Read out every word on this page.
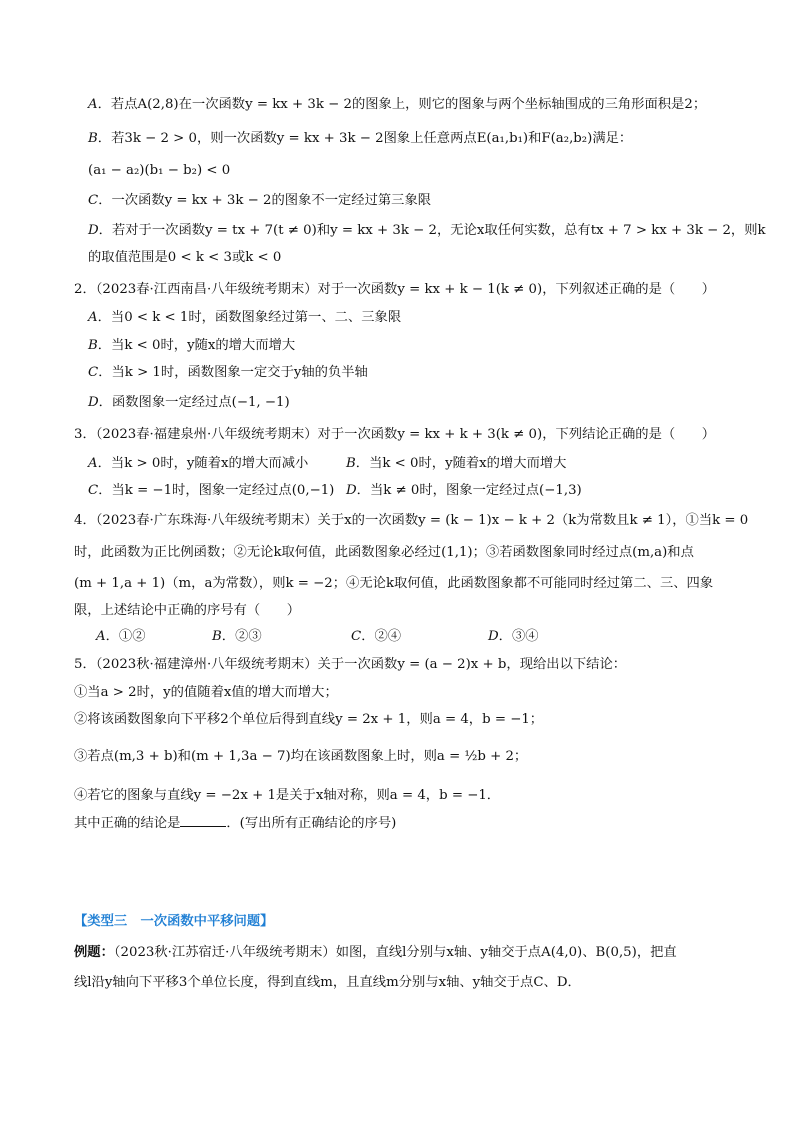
A．若点A(2,8)在一次函数y = kx + 3k − 2的图象上，则它的图象与两个坐标轴围成的三角形面积是2；
B．若3k − 2 > 0，则一次函数y = kx + 3k − 2图象上任意两点E(a₁,b₁)和F(a₂,b₂)满足：
(a₁ − a₂)(b₁ − b₂) < 0
C．一次函数y = kx + 3k − 2的图象不一定经过第三象限
D．若对于一次函数y = tx + 7(t ≠ 0)和y = kx + 3k − 2，无论x取任何实数，总有tx + 7 > kx + 3k − 2，则k
的取值范围是0 < k < 3或k < 0
2．（2023春·江西南昌·八年级统考期末）对于一次函数y = kx + k − 1(k ≠ 0)，下列叙述正确的是（　　）
A．当0 < k < 1时，函数图象经过第一、二、三象限
B．当k < 0时，y随x的增大而增大
C．当k > 1时，函数图象一定交于y轴的负半轴
D．函数图象一定经过点(−1, −1)
3．（2023春·福建泉州·八年级统考期末）对于一次函数y = kx + k + 3(k ≠ 0)，下列结论正确的是（　　）
A．当k > 0时，y随着x的增大而减小	B．当k < 0时，y随着x的增大而增大
C．当k = −1时，图象一定经过点(0,−1) D．当k ≠ 0时，图象一定经过点(−1,3)
4．（2023春·广东珠海·八年级统考期末）关于x的一次函数y = (k − 1)x − k + 2（k为常数且k ≠ 1），①当k = 0
时，此函数为正比例函数；②无论k取何值，此函数图象必经过(1,1)；③若函数图象同时经过点(m,a)和点
(m + 1,a + 1)（m，a为常数），则k = −2；④无论k取何值，此函数图象都不可能同时经过第二、三、四象
限，上述结论中正确的序号有（　　）
A．①②	B．②③	C．②④	D．③④
5．（2023秋·福建漳州·八年级统考期末）关于一次函数y = (a − 2)x + b，现给出以下结论：
①当a > 2时，y的值随着x值的增大而增大；
②将该函数图象向下平移2个单位后得到直线y = 2x + 1，则a = 4，b = −1；
③若点(m,3 + b)和(m + 1,3a − 7)均在该函数图象上时，则a = ½b + 2；
④若它的图象与直线y = −2x + 1是关于x轴对称，则a = 4，b = −1．
其中正确的结论是	．(写出所有正确结论的序号)
【类型三　一次函数中平移问题】
例题：（2023秋·江苏宿迁·八年级统考期末）如图，直线l分别与x轴、y轴交于点A(4,0)、B(0,5)，把直
线l沿y轴向下平移3个单位长度，得到直线m，且直线m分别与x轴、y轴交于点C、D．
